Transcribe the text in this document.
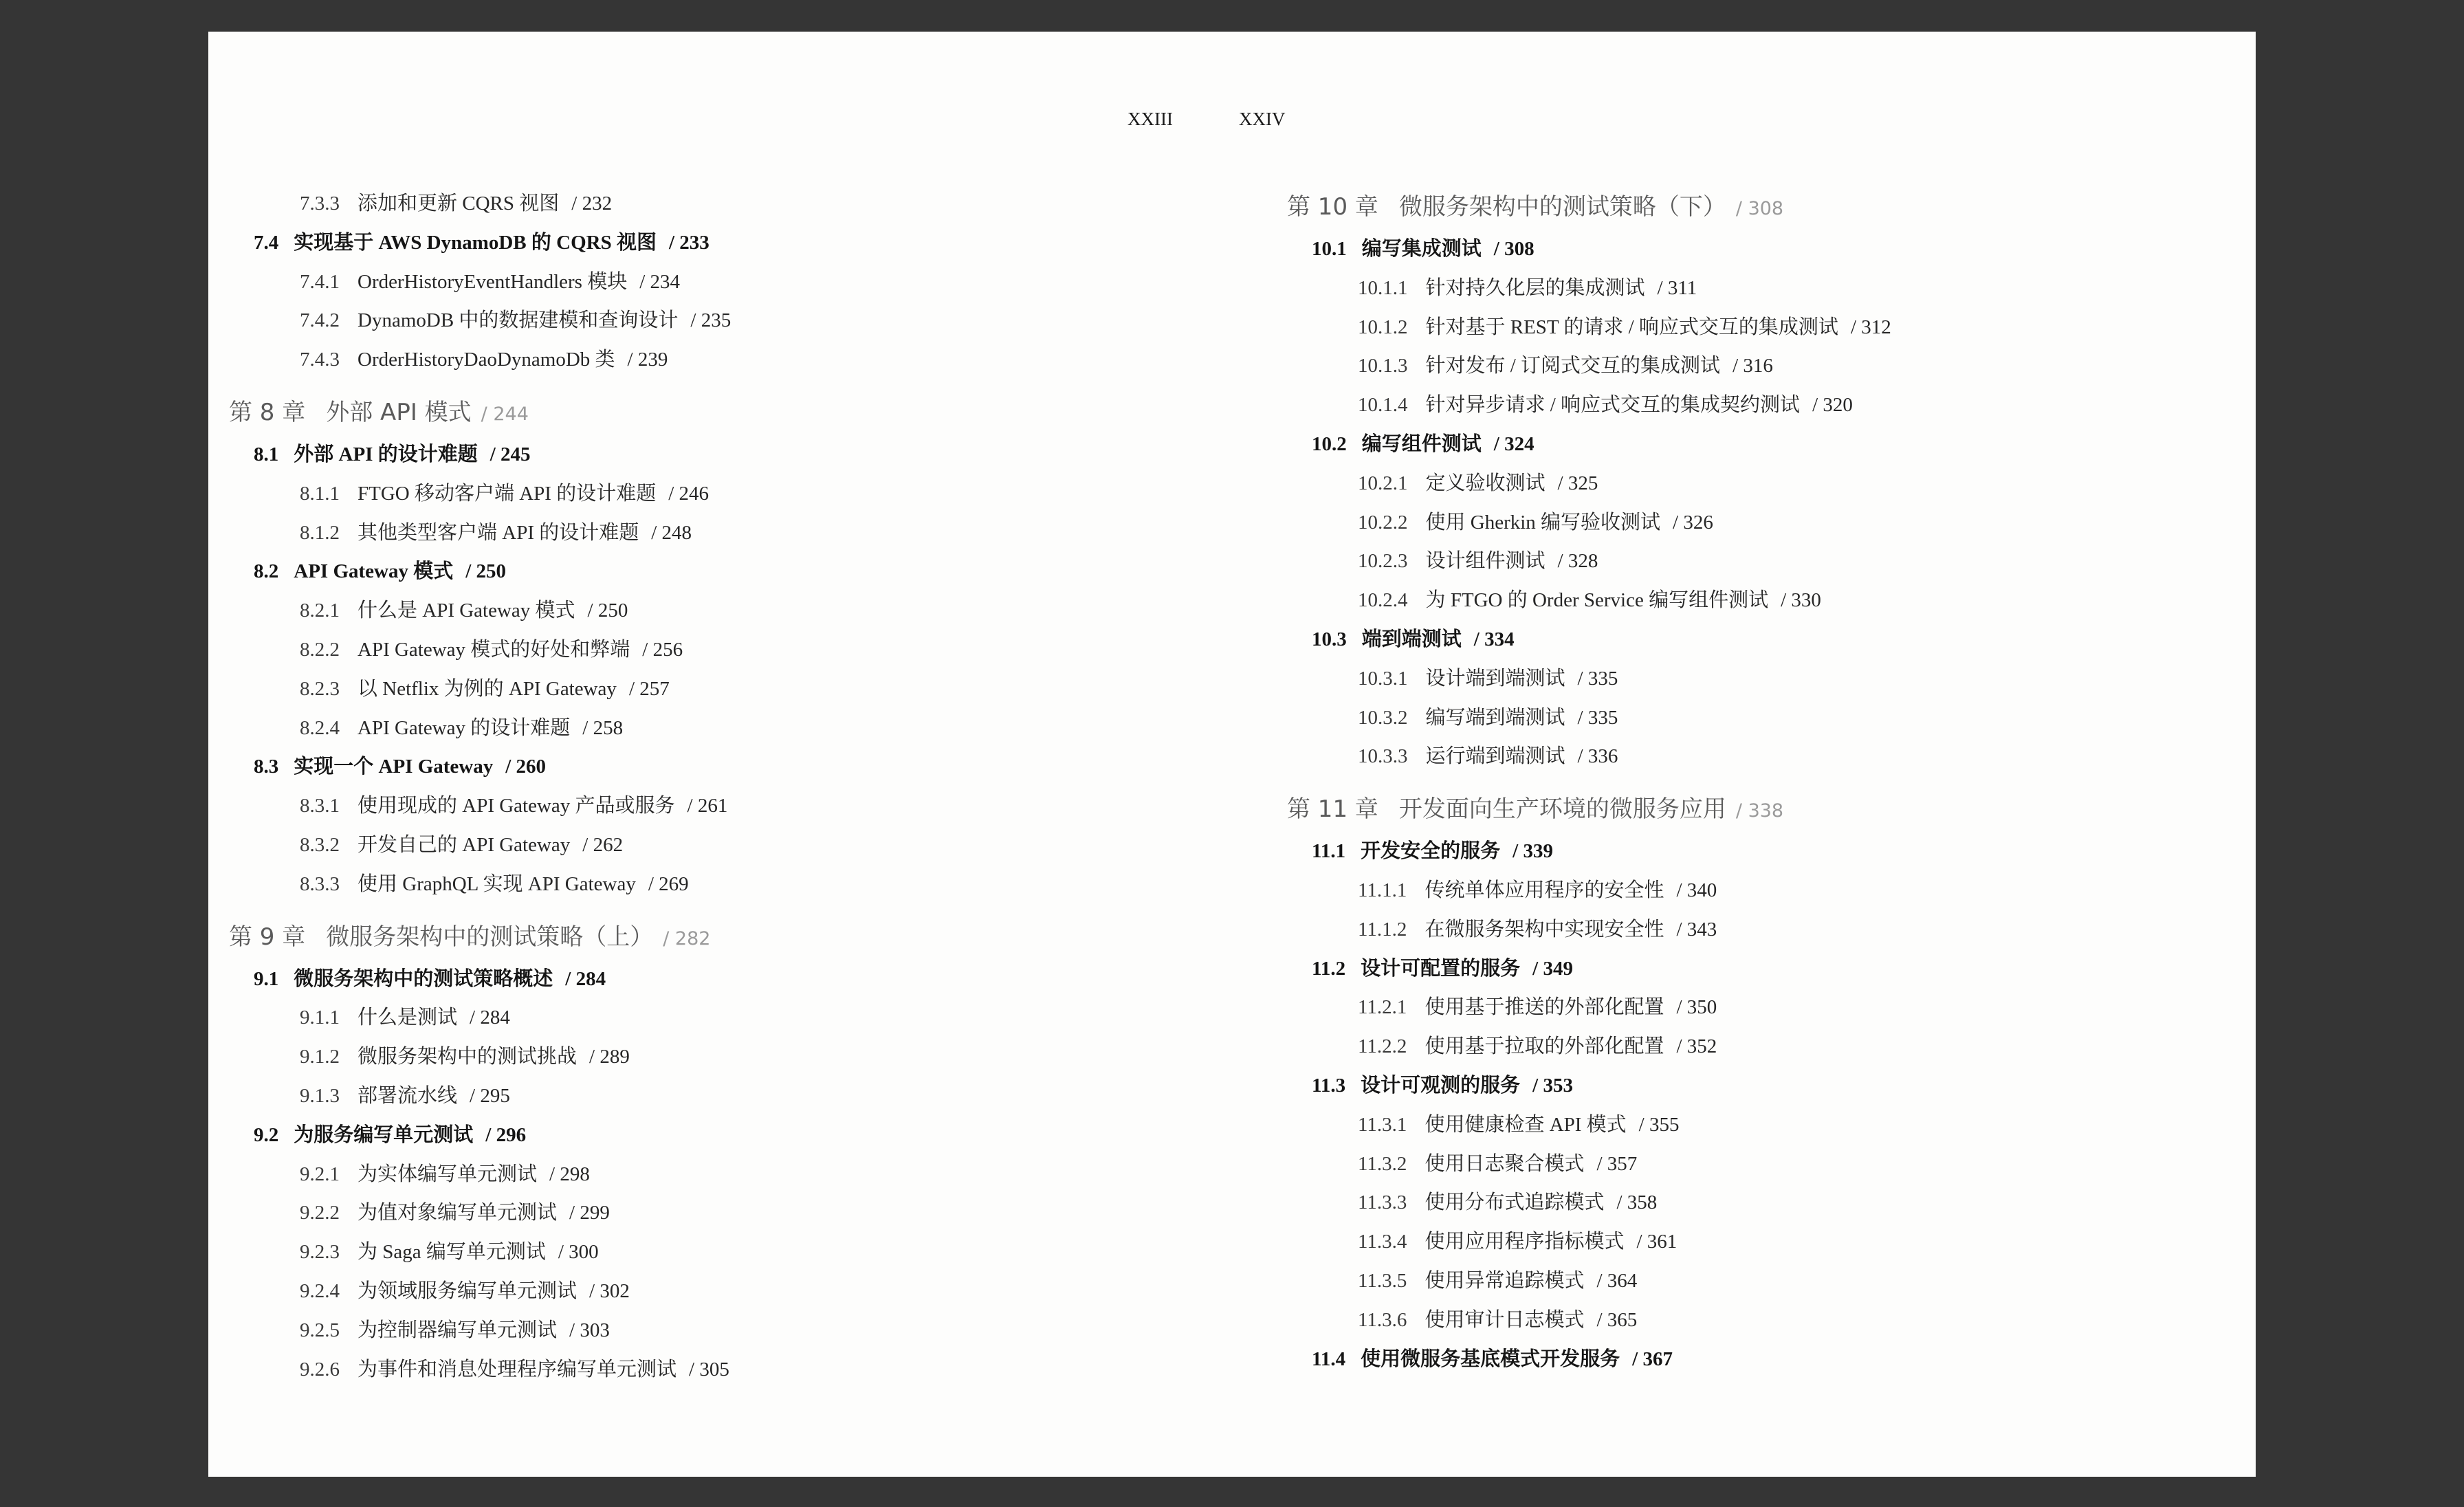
XXIII	XXIV
7.3.3 添加和更新 CQRS 视图 / 232
7.4 实现基于 AWS DynamoDB 的 CQRS 视图 / 233
7.4.1 OrderHistoryEventHandlers 模块 / 234
7.4.2 DynamoDB 中的数据建模和查询设计 / 235
7.4.3 OrderHistoryDaoDynamoDb 类 / 239
第 8 章 外部 API 模式 / 244
8.1 外部 API 的设计难题 / 245
8.1.1 FTGO 移动客户端 API 的设计难题 / 246
8.1.2 其他类型客户端 API 的设计难题 / 248
8.2 API Gateway 模式 / 250
8.2.1 什么是 API Gateway 模式 / 250
8.2.2 API Gateway 模式的好处和弊端 / 256
8.2.3 以 Netflix 为例的 API Gateway / 257
8.2.4 API Gateway 的设计难题 / 258
8.3 实现一个 API Gateway / 260
8.3.1 使用现成的 API Gateway 产品或服务 / 261
8.3.2 开发自己的 API Gateway / 262
8.3.3 使用 GraphQL 实现 API Gateway / 269
第 9 章 微服务架构中的测试策略（上） / 282
9.1 微服务架构中的测试策略概述 / 284
9.1.1 什么是测试 / 284
9.1.2 微服务架构中的测试挑战 / 289
9.1.3 部署流水线 / 295
9.2 为服务编写单元测试 / 296
9.2.1 为实体编写单元测试 / 298
9.2.2 为值对象编写单元测试 / 299
9.2.3 为 Saga 编写单元测试 / 300
9.2.4 为领域服务编写单元测试 / 302
9.2.5 为控制器编写单元测试 / 303
9.2.6 为事件和消息处理程序编写单元测试 / 305
第 10 章 微服务架构中的测试策略（下） / 308
10.1 编写集成测试 / 308
10.1.1 针对持久化层的集成测试 / 311
10.1.2 针对基于 REST 的请求 / 响应式交互的集成测试 / 312
10.1.3 针对发布 / 订阅式交互的集成测试 / 316
10.1.4 针对异步请求 / 响应式交互的集成契约测试 / 320
10.2 编写组件测试 / 324
10.2.1 定义验收测试 / 325
10.2.2 使用 Gherkin 编写验收测试 / 326
10.2.3 设计组件测试 / 328
10.2.4 为 FTGO 的 Order Service 编写组件测试 / 330
10.3 端到端测试 / 334
10.3.1 设计端到端测试 / 335
10.3.2 编写端到端测试 / 335
10.3.3 运行端到端测试 / 336
第 11 章 开发面向生产环境的微服务应用 / 338
11.1 开发安全的服务 / 339
11.1.1 传统单体应用程序的安全性 / 340
11.1.2 在微服务架构中实现安全性 / 343
11.2 设计可配置的服务 / 349
11.2.1 使用基于推送的外部化配置 / 350
11.2.2 使用基于拉取的外部化配置 / 352
11.3 设计可观测的服务 / 353
11.3.1 使用健康检查 API 模式 / 355
11.3.2 使用日志聚合模式 / 357
11.3.3 使用分布式追踪模式 / 358
11.3.4 使用应用程序指标模式 / 361
11.3.5 使用异常追踪模式 / 364
11.3.6 使用审计日志模式 / 365
11.4 使用微服务基底模式开发服务 / 367
